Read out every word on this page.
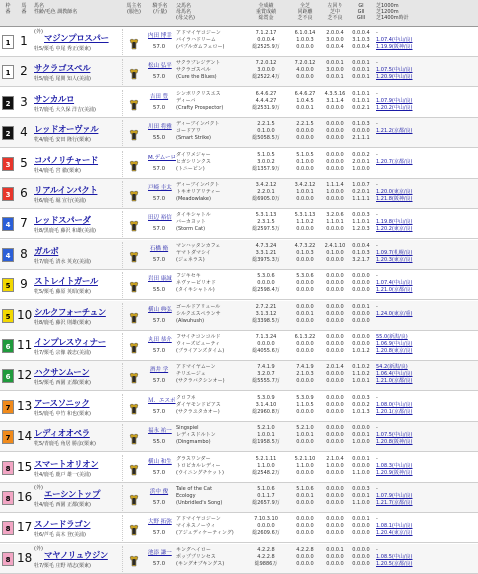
枠
番
馬
番
馬名
性齢/毛色 調教師名
馬主名
(服色)
騎手名
(斤量)
父馬名
母馬名
(母父名)
全成績
重賞成績
総賞金
全芝
同距離
芝不良
左回り
芝中
芝不良
GI
GII
GIII
芝1000m
芝1200m
芝1400m時計
1 1
(外)
マジンプロスパー
牡5/栗毛 中尾 秀正(栗東)
内田 博幸
57.0
アドマイヤコジーン
バイラハドリーム
(パブルガムフェロー)
7.1.2.17
0.0.0.4
総2525.9万
6.1.0.14
1.0.0.3
0.0.0.0
2.0.0.4
3.0.0.0
0.0.0.4
0.0.0.4
3.1.0.3
0.0.0.4
-
1.07.4(中山/良)
1.19.9(阪神/良)
1 2 サクラゴスペル
牡5/鹿毛 尾関 知人(美浦)
松山 弘平
57.0
サクラプレジデント
サクラゴスペル
(Cure the Blues)
7.2.0.12
3.0.0.0
総2522.4万
7.2.0.12
4.0.0.0
0.0.0.0
0.0.0.1
3.0.0.0
0.0.0.1
0.0.0.1
0.0.0.1
0.0.0.1
-
1.07.5(中山/良)
1.20.9(中山/良)
2 3 サンカルロ
牡7/鹿毛 大久保 洋吉(美浦)
吉田 豊
57.0
シンボリクリスエス
ディーバ
(Crafty Prospector)
6.4.6.27
4.4.4.27
総2531.9万
6.4.6.27
1.0.4.5
0.0.0.1
4.3.5.16
3.1.1.4
0.0.0.0
0.1.0.1
0.1.0.1
0.0.2.1
-
1.07.9(中山/良)
1.20.2(中山/良)
2 4 レッドオーヴァル
牝4/鹿毛 安田 隆行(栗東)
川田 将雅
55.0
ディープインパクト
コードアワ
(Smart Strike)
2.2.1.5
0.1.0.0
総5058.5万
2.2.1.5
0.0.0.0
0.0.0.0
0.0.0.0
0.0.0.0
0.0.0.0
0.1.0.3
0.0.0.0
2.1.1.1
-
1.21.2(京都/良)
3 5 コパノリチャード
牡4/鹿毛 宮 徹(栗東)
M.デムーロ
57.0
ダイワメジャー
ヒガシリンクス
(トニービン)
5.1.0.5
3.0.0.2
総1357.9万
5.1.0.5
0.1.0.0
0.0.0.0
0.0.0.0
0.0.0.0
0.0.0.0
0.0.0.2
2.0.0.1
1.0.0.0
-
1.20.7(京都/良)
3 6 リアルインパクト
牡6/鹿毛 堀 宣行(美浦)
戸崎 圭太
57.0
ディープインパクト
トキオリアリティー
(Meadowlake)
3.4.2.12
2.2.0.1
総6905.0万
3.4.2.12
1.0.0.1
0.0.0.0
1.1.1.4
1.0.0.0
0.0.0.0
1.0.0.7
0.2.0.1
1.1.1.1
-
1.20.0(東京/良)
1.21.8(阪神/良)
4 7 レッドスパーダ
牡8/黒鹿毛 藤沢 和雄(美浦)
田辺 裕信
57.0
タイキシャトル
バーカヨット
(Storm Cat)
5.3.1.13
2.3.1.5
総2597.5万
5.3.1.13
1.1.0.2
0.0.0.0
3.2.0.6
1.1.0.1
0.0.0.0
0.0.0.3
1.1.0.1
1.2.0.3
-
1.19.8(中山/良)
1.20.2(東京/良)
4 8 ガルボ
牡7/鹿毛 清水 英克(美浦)
石橋 脩
57.0
マンハッタンカフェ
ヤマトダマシイ
(ジェネラス)
4.7.3.24
3.3.1.21
総3975.3万
4.7.3.22
0.1.0.3
0.0.0.0
2.4.1.10
0.1.0.0
0.0.0.0
0.0.0.4
0.1.0.3
3.2.1.7
-
1.09.7(札幌/良)
1.20.3(東京/良)
5 9 ストレイトガール
牝5/栗毛 藤原 英昭(栗東)
岩田 康誠
55.0
フジキセキ
ネヴァーピリオド
(タイキシャトル)
5.3.0.6
0.0.0.0
総2598.4万
5.3.0.6
0.0.0.0
0.0.0.0
0.0.0.0
0.0.0.0
0.0.0.0
0.0.0.0
0.0.0.0
0.0.0.0
-
1.07.4(中山/良)
1.21.0(京都/良)
5 10 シルクフォーチュン
牡8/鹿毛 藤沢 則雄(栗東)
横山 典弘
57.0
ゴールドアリュール
シルクエスペランサ
(Alwuhush)
2.7.2.21
3.1.3.12
総3398.5万
0.0.0.0
0.0.0.1
0.0.0.0
0.0.0.0
0.0.0.0
0.0.0.0
0.0.0.1
0.0.0.0
0.0.0.0
-
1.24.0(東京/重)
6 11 インプレスウィナー
牡7/栗毛 宗像 義忠(美浦)
丸田 恭介
57.0
フサイチコンコルド
ウィーズビューティ
(ブライアンズタイム)
7.1.3.24
0.0.0.0
総4055.6万
6.1.3.22
0.0.0.0
0.0.0.0
0.0.0.0
0.0.0.0
0.0.0.0
0.0.0.0
0.0.0.0
1.0.1.2
55.0(新潟/良)
1.06.9(中山/良)
1.20.8(東京/良)
6 12 ハクサンムーン
牡5/栗毛 西園 正都(栗東)
酒井 学
57.0
アドマイヤムーン
チリエージェ
(サクラバクシンオー)
7.4.1.9
3.2.0.7
総5555.7万
7.4.1.9
2.1.0.3
0.0.0.0
2.0.1.4
0.0.0.0
0.0.0.0
0.1.0.2
1.1.0.2
1.0.0.1
54.2(新潟/良)
1.06.4(中山/良)
1.21.0(京都/良)
7 13 アースソニック
牡5/鹿毛 中竹 和也(栗東)
Ｍ．エスポ
57.0
クロフネ
ダイヤモンドピアス
(サクラユタカオー)
5.3.0.9
3.1.4.10
総2960.8万
5.3.0.9
1.1.0.5
0.0.0.0
0.0.0.0
0.0.0.0
0.0.0.0
0.0.0.3
0.0.0.2
1.0.1.3
-
1.08.0(中山/良)
1.20.1(京都/良)
7 14 レディオオペラ
牝5/青鹿毛 角居 勝彦(栗東)
福永 祐一
55.0
Singspiel
レディスドルトン
(Dingmambo)
5.2.1.0
1.0.0.1
総1958.5万
5.2.1.0
1.0.0.1
0.0.0.0
0.0.0.0
0.0.0.0
0.0.0.0
0.0.0.0
0.0.0.1
1.0.0.0
-
1.07.5(中山/良)
1.20.8(阪神/良)
8 15 スマートオリオン
牡4/鹿毛 鹿戸 雄一(美浦)
横山 和生
57.0
グラスワンダー
トロピカルレディー
(ウイニングチケット)
5.2.1.11
1.1.0.0
総2548.2万
5.2.1.10
1.1.0.0
0.0.0.0
2.1.0.4
1.0.0.0
0.0.0.0
0.0.0.1
0.0.0.0
1.1.0.0
-
1.08.3(中山/良)
1.20.9(阪神/良)
8 16
(外)
エーシントップ
牡4/鹿毛 西園 正都(栗東)
浜中 俊
57.0
Tale of the Cat
Ecology
(Unbridled's Song)
5.1.0.6
0.1.1.7
総2657.9万
5.1.0.6
0.0.0.1
0.0.0.0
0.0.0.0
0.0.0.0
0.0.0.0
0.0.0.3
0.0.0.1
1.1.0.0
-
1.07.9(中山/良)
1.21.7(京都/良)
8 17 スノードラゴン
牡6/芦毛 高木 登(美浦)
大野 拓弥
57.0
アドマイヤコジーン
マイネスノーウィ
(アジュディケーティング)
7.10.3.10
0.0.0.0
総2609.6万
0.0.0.0
0.0.0.0
0.0.0.0
0.0.0.0
0.0.0.0
0.0.0.0
0.0.0.1
0.0.0.0
0.0.0.0
-
1.08.1(中山/良)
1.20.4(東京/良)
8 18
(外)
マヤノリュウジン
牡7/栗毛 庄野 靖志(栗東)
池添 謙一
57.0
キングヘイロー
ポッププリンセス
(キングオブキングス)
4.2.2.8
4.2.2.8
総9886万
4.2.2.8
0.0.0.0
0.0.0.0
0.0.0.1
0.0.0.0
0.0.0.0
0.0.0.0
0.0.0.0
0.0.0.0
-
1.08.5(中山/良)
1.20.5(京都/良)
